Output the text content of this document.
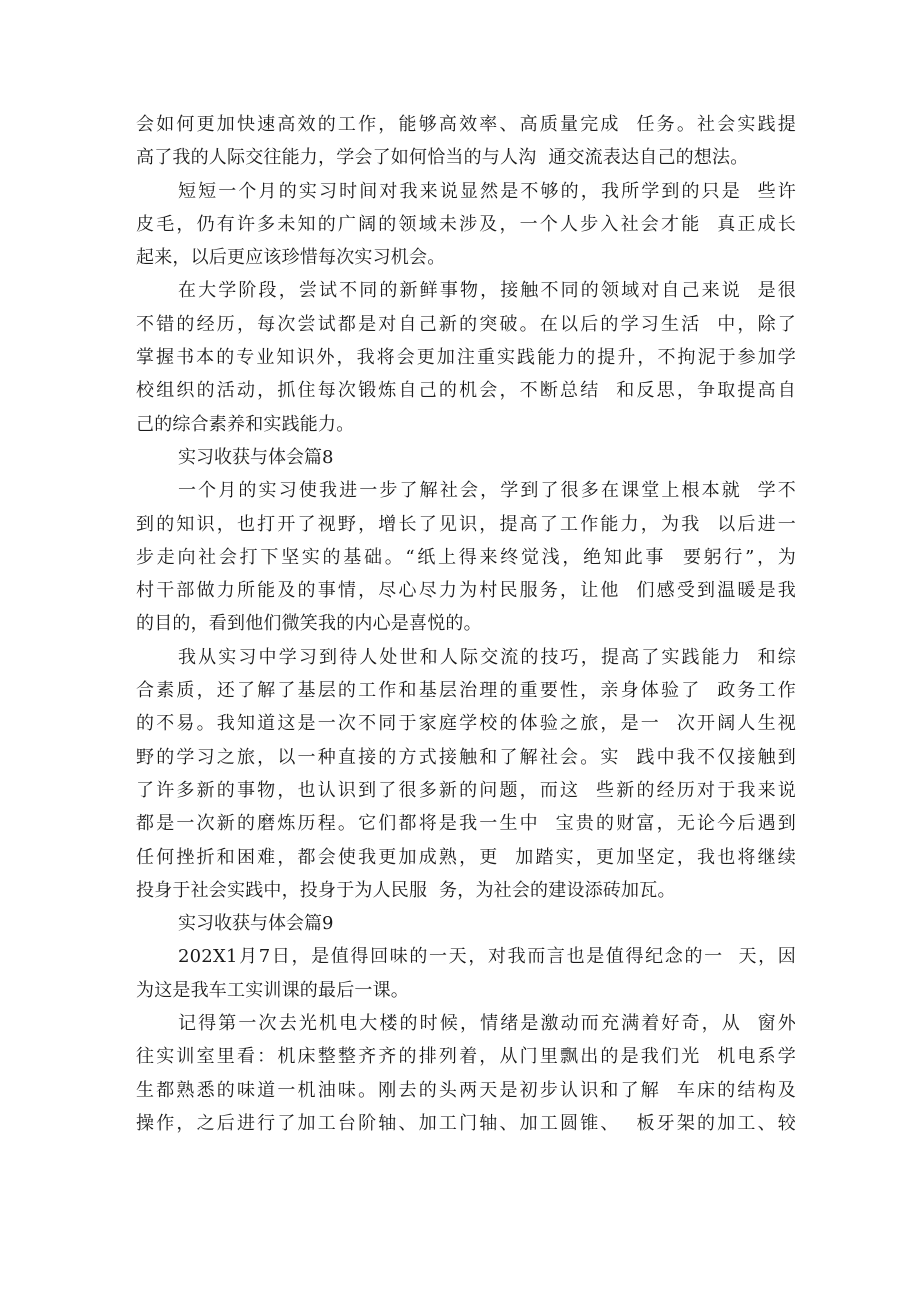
会如何更加快速高效的工作，能够高效率、高质量完成  任务。社会实践提
高了我的人际交往能力，学会了如何恰当的与人沟  通交流表达自己的想法。
短短一个月的实习时间对我来说显然是不够的，我所学到的只是  些许
皮毛，仍有许多未知的广阔的领域未涉及，一个人步入社会才能  真正成长
起来，以后更应该珍惜每次实习机会。
在大学阶段，尝试不同的新鲜事物，接触不同的领域对自己来说  是很
不错的经历，每次尝试都是对自己新的突破。在以后的学习生活  中，除了
掌握书本的专业知识外，我将会更加注重实践能力的提升，不拘泥于参加学
校组织的活动，抓住每次锻炼自己的机会，不断总结  和反思，争取提高自
己的综合素养和实践能力。
实习收获与体会篇8
一个月的实习使我进一步了解社会，学到了很多在课堂上根本就  学不
到的知识，也打开了视野，增长了见识，提高了工作能力，为我  以后进一
步走向社会打下坚实的基础。“纸上得来终觉浅，绝知此事  要躬行”，为
村干部做力所能及的事情，尽心尽力为村民服务，让他  们感受到温暖是我
的目的，看到他们微笑我的内心是喜悦的。
我从实习中学习到待人处世和人际交流的技巧，提高了实践能力  和综
合素质，还了解了基层的工作和基层治理的重要性，亲身体验了  政务工作
的不易。我知道这是一次不同于家庭学校的体验之旅，是一  次开阔人生视
野的学习之旅，以一种直接的方式接触和了解社会。实  践中我不仅接触到
了许多新的事物，也认识到了很多新的问题，而这  些新的经历对于我来说
都是一次新的磨炼历程。它们都将是我一生中  宝贵的财富，无论今后遇到
任何挫折和困难，都会使我更加成熟，更  加踏实，更加坚定，我也将继续
投身于社会实践中，投身于为人民服  务，为社会的建设添砖加瓦。
实习收获与体会篇9
202X1月7日，是值得回味的一天，对我而言也是值得纪念的一  天，因
为这是我车工实训课的最后一课。
记得第一次去光机电大楼的时候，情绪是激动而充满着好奇，从  窗外
往实训室里看：机床整整齐齐的排列着，从门里飘出的是我们光  机电系学
生都熟悉的味道一机油味。刚去的头两天是初步认识和了解  车床的结构及
操作，之后进行了加工台阶轴、加工门轴、加工圆锥、  板牙架的加工、较
